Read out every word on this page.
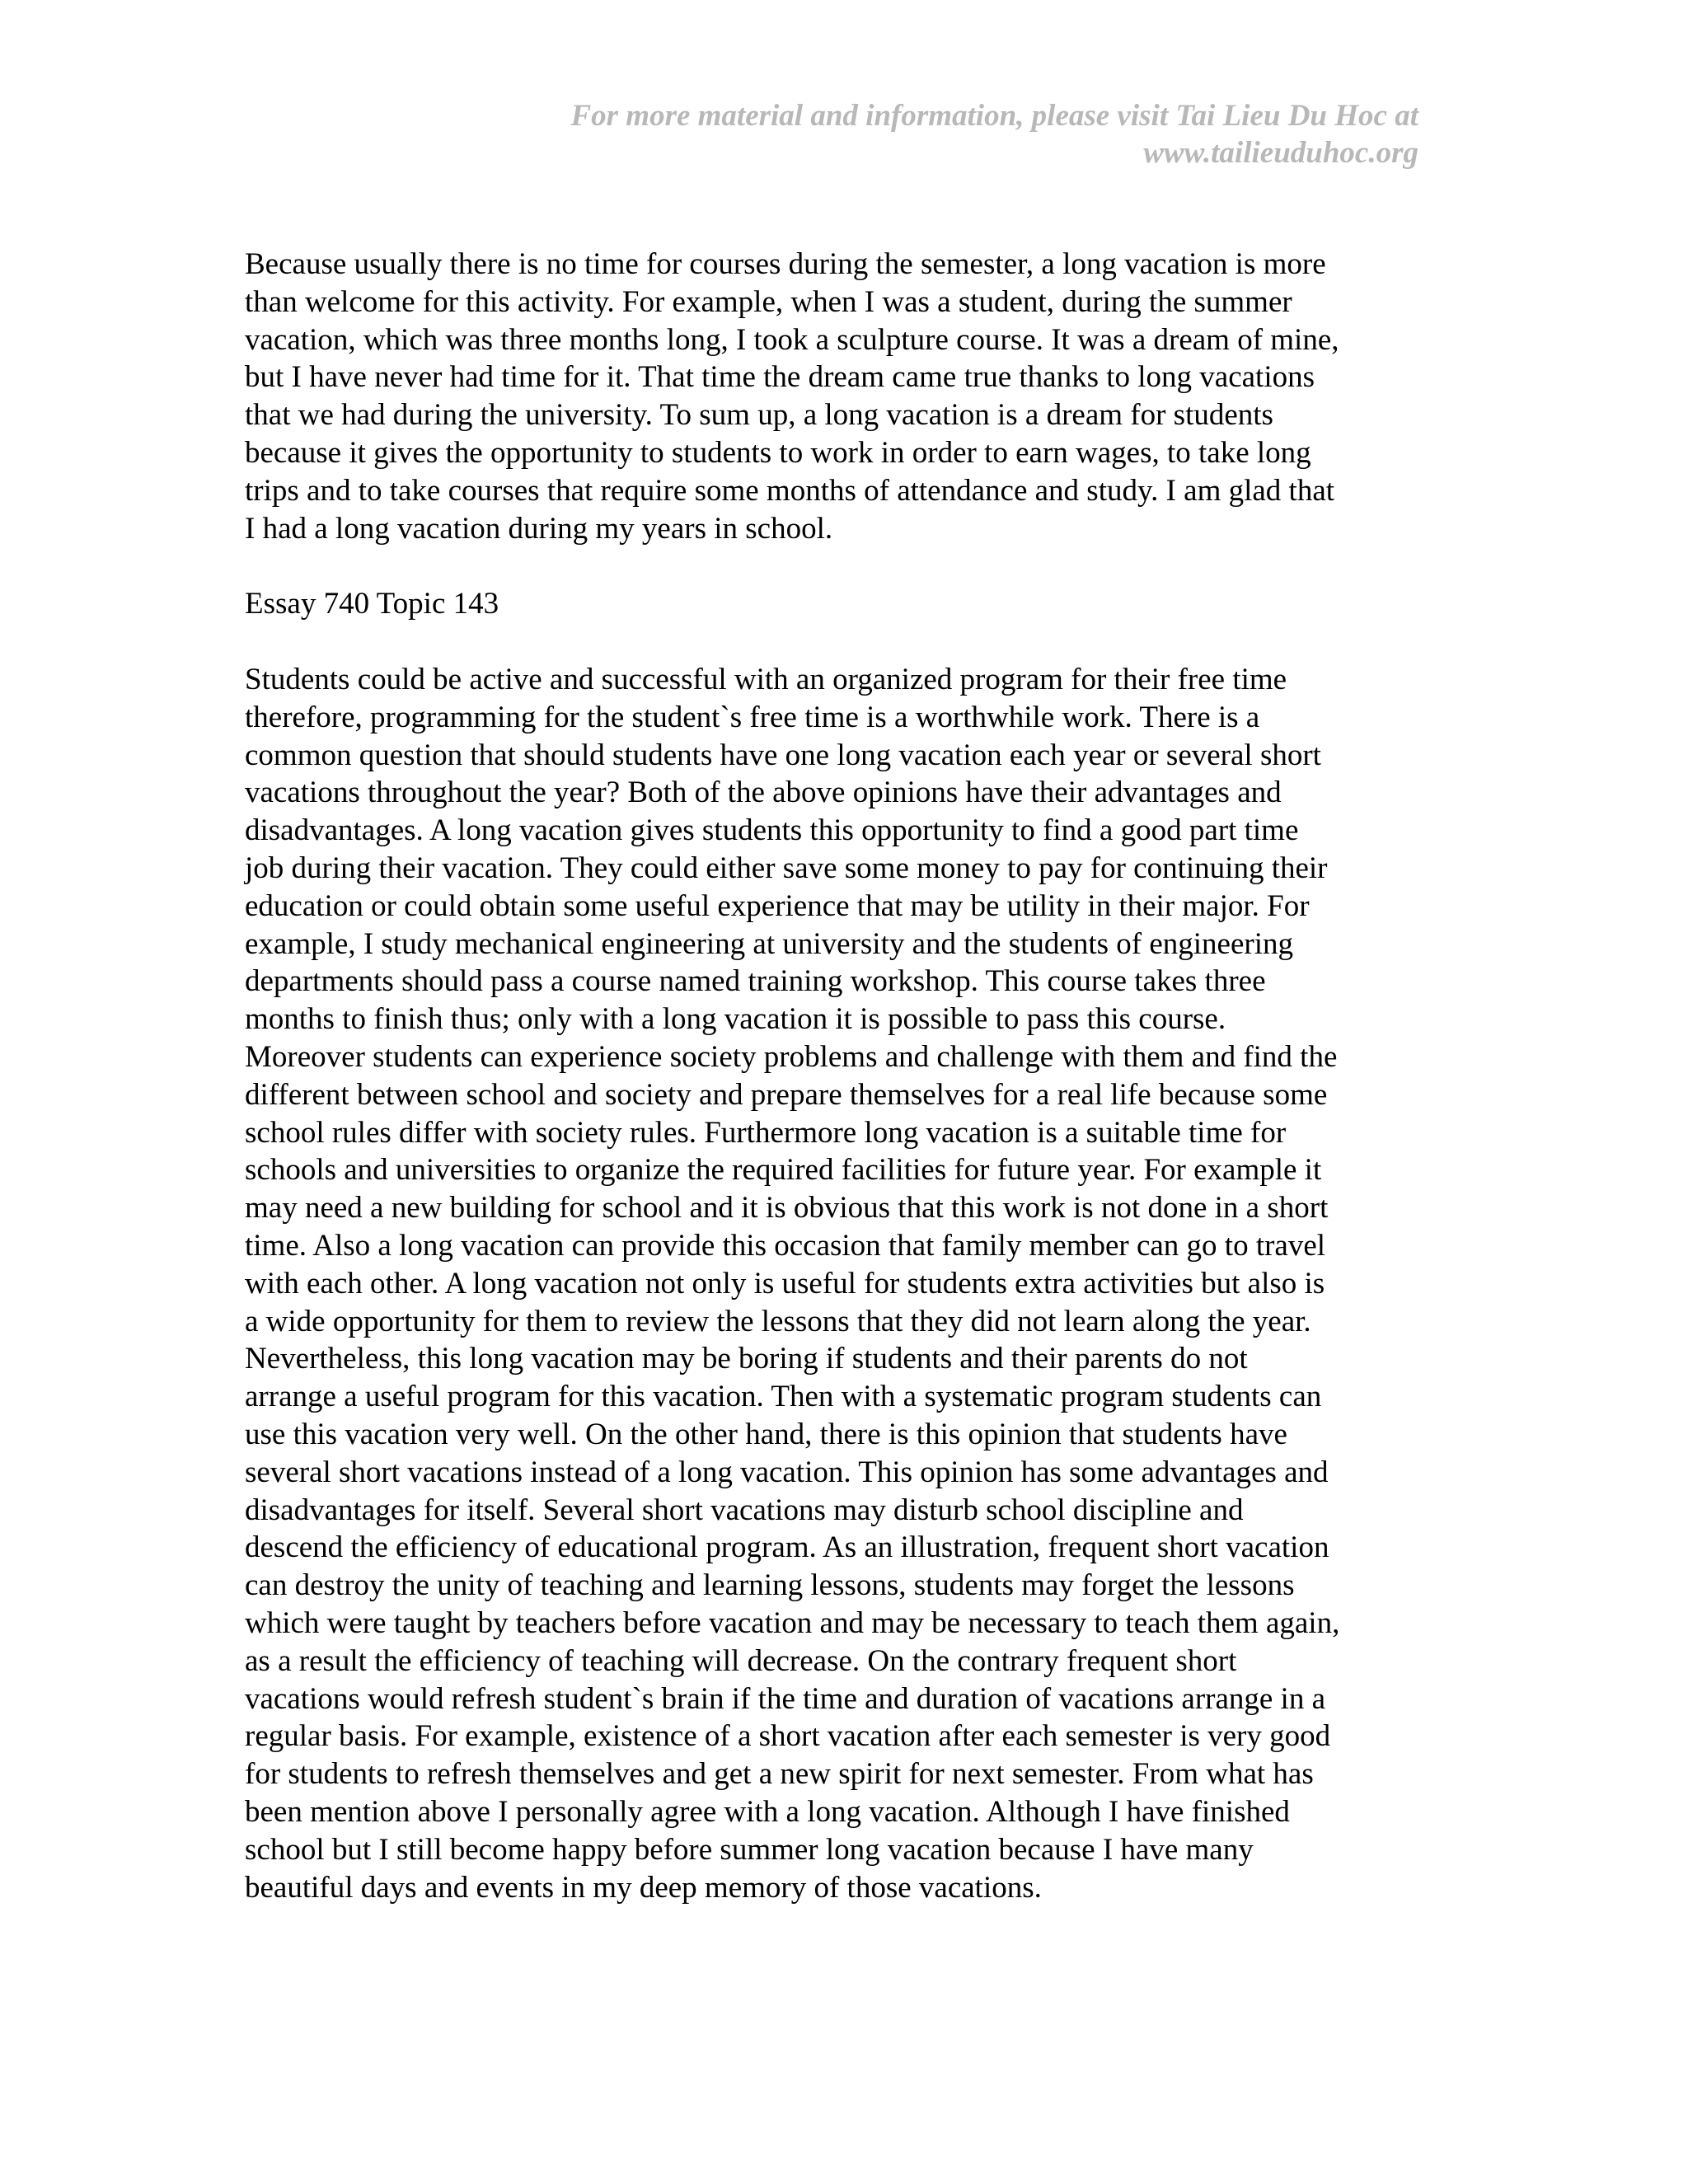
For more material and information, please visit Tai Lieu Du Hoc at
www.tailieuduhoc.org
Because usually there is no time for courses during the semester, a long vacation is more
than welcome for this activity. For example, when I was a student, during the summer
vacation, which was three months long, I took a sculpture course. It was a dream of mine,
but I have never had time for it. That time the dream came true thanks to long vacations
that we had during the university. To sum up, a long vacation is a dream for students
because it gives the opportunity to students to work in order to earn wages, to take long
trips and to take courses that require some months of attendance and study. I am glad that
I had a long vacation during my years in school.
Essay 740 Topic 143
Students could be active and successful with an organized program for their free time
therefore, programming for the student`s free time is a worthwhile work. There is a
common question that should students have one long vacation each year or several short
vacations throughout the year? Both of the above opinions have their advantages and
disadvantages. A long vacation gives students this opportunity to find a good part time
job during their vacation. They could either save some money to pay for continuing their
education or could obtain some useful experience that may be utility in their major. For
example, I study mechanical engineering at university and the students of engineering
departments should pass a course named training workshop. This course takes three
months to finish thus; only with a long vacation it is possible to pass this course.
Moreover students can experience society problems and challenge with them and find the
different between school and society and prepare themselves for a real life because some
school rules differ with society rules. Furthermore long vacation is a suitable time for
schools and universities to organize the required facilities for future year. For example it
may need a new building for school and it is obvious that this work is not done in a short
time. Also a long vacation can provide this occasion that family member can go to travel
with each other. A long vacation not only is useful for students extra activities but also is
a wide opportunity for them to review the lessons that they did not learn along the year.
Nevertheless, this long vacation may be boring if students and their parents do not
arrange a useful program for this vacation. Then with a systematic program students can
use this vacation very well. On the other hand, there is this opinion that students have
several short vacations instead of a long vacation. This opinion has some advantages and
disadvantages for itself. Several short vacations may disturb school discipline and
descend the efficiency of educational program. As an illustration, frequent short vacation
can destroy the unity of teaching and learning lessons, students may forget the lessons
which were taught by teachers before vacation and may be necessary to teach them again,
as a result the efficiency of teaching will decrease. On the contrary frequent short
vacations would refresh student`s brain if the time and duration of vacations arrange in a
regular basis. For example, existence of a short vacation after each semester is very good
for students to refresh themselves and get a new spirit for next semester. From what has
been mention above I personally agree with a long vacation. Although I have finished
school but I still become happy before summer long vacation because I have many
beautiful days and events in my deep memory of those vacations.
